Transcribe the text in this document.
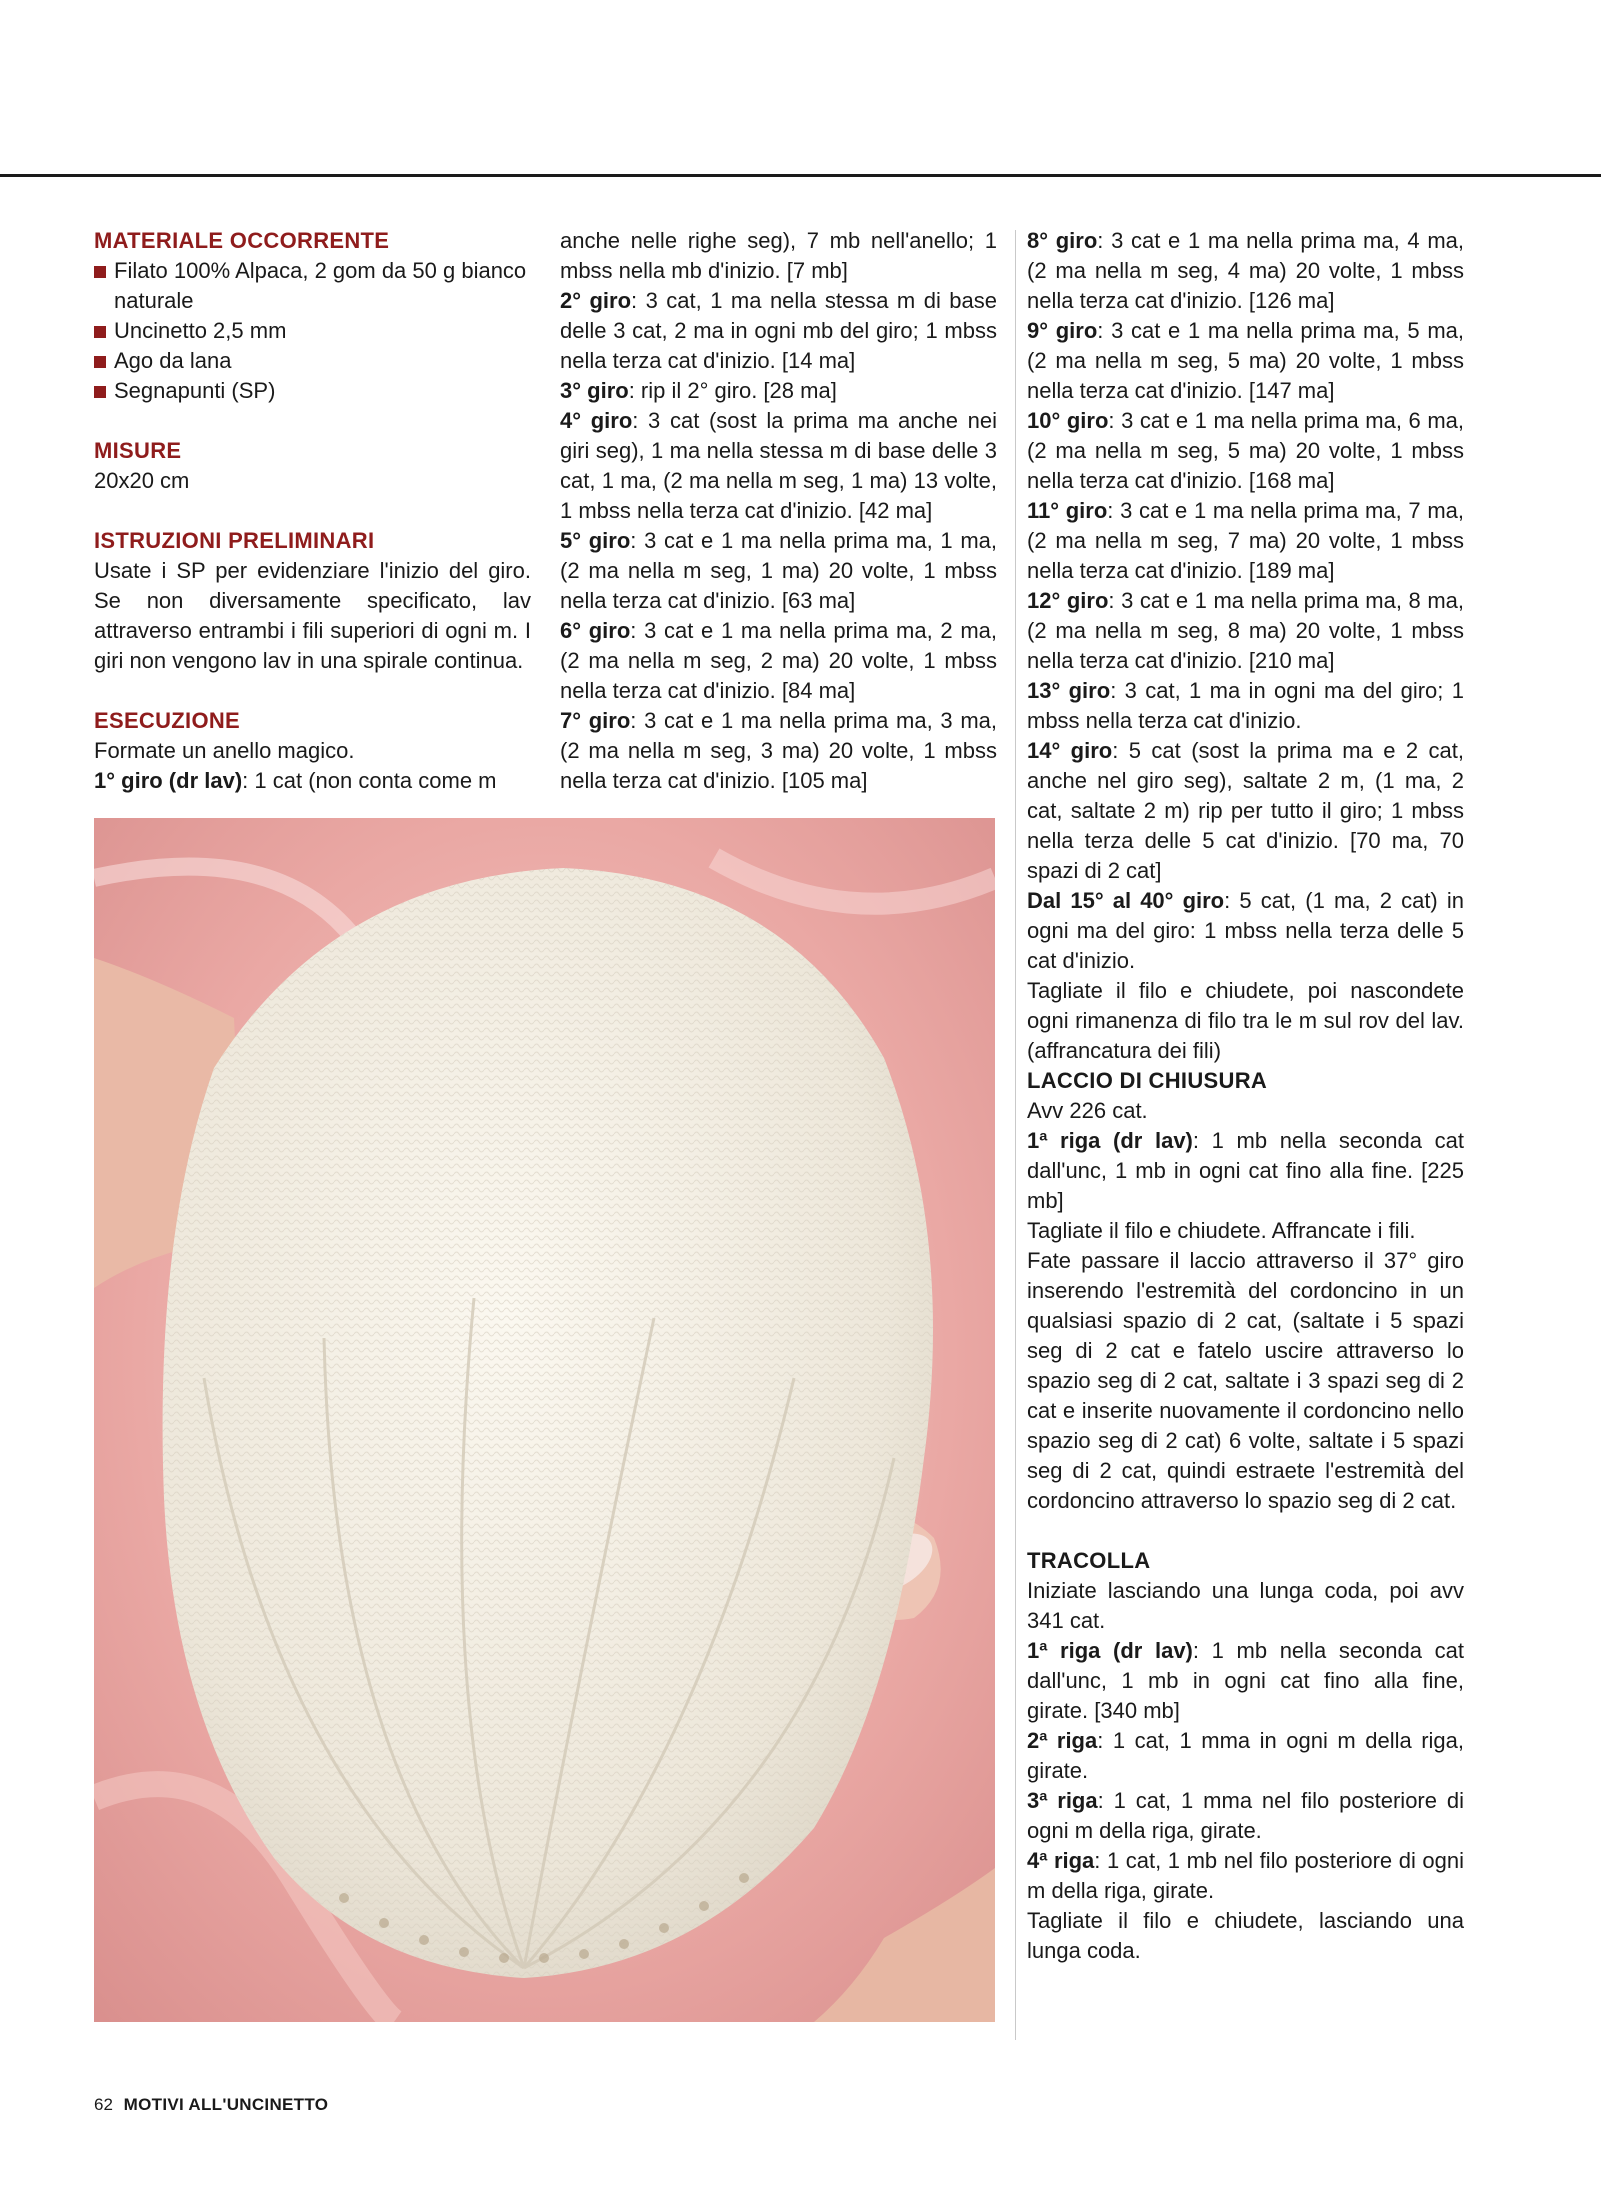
MATERIALE OCCORRENTE
Filato 100% Alpaca, 2 gom da 50 g bianco naturale
Uncinetto 2,5 mm
Ago da lana
Segnapunti (SP)
MISURE
20x20 cm
ISTRUZIONI PRELIMINARI
Usate i SP per evidenziare l'inizio del giro. Se non diversamente specificato, lav attraverso entrambi i fili superiori di ogni m. I giri non vengono lav in una spirale continua.
ESECUZIONE
Formate un anello magico.
1° giro (dr lav): 1 cat (non conta come m
anche nelle righe seg), 7 mb nell'anello; 1 mbss nella mb d'inizio. [7 mb]
2° giro: 3 cat, 1 ma nella stessa m di base delle 3 cat, 2 ma in ogni mb del giro; 1 mbss nella terza cat d'inizio. [14 ma]
3° giro: rip il 2° giro. [28 ma]
4° giro: 3 cat (sost la prima ma anche nei giri seg), 1 ma nella stessa m di base delle 3 cat, 1 ma, (2 ma nella m seg, 1 ma) 13 volte, 1 mbss nella terza cat d'inizio. [42 ma]
5° giro: 3 cat e 1 ma nella prima ma, 1 ma, (2 ma nella m seg, 1 ma) 20 volte, 1 mbss nella terza cat d'inizio. [63 ma]
6° giro: 3 cat e 1 ma nella prima ma, 2 ma, (2 ma nella m seg, 2 ma) 20 volte, 1 mbss nella terza cat d'inizio. [84 ma]
7° giro: 3 cat e 1 ma nella prima ma, 3 ma, (2 ma nella m seg, 3 ma) 20 volte, 1 mbss nella terza cat d'inizio. [105 ma]
8° giro: 3 cat e 1 ma nella prima ma, 4 ma, (2 ma nella m seg, 4 ma) 20 volte, 1 mbss nella terza cat d'inizio. [126 ma]
9° giro: 3 cat e 1 ma nella prima ma, 5 ma, (2 ma nella m seg, 5 ma) 20 volte, 1 mbss nella terza cat d'inizio. [147 ma]
10° giro: 3 cat e 1 ma nella prima ma, 6 ma, (2 ma nella m seg, 5 ma) 20 volte, 1 mbss nella terza cat d'inizio. [168 ma]
11° giro: 3 cat e 1 ma nella prima ma, 7 ma, (2 ma nella m seg, 7 ma) 20 volte, 1 mbss nella terza cat d'inizio. [189 ma]
12° giro: 3 cat e 1 ma nella prima ma, 8 ma, (2 ma nella m seg, 8 ma) 20 volte, 1 mbss nella terza cat d'inizio. [210 ma]
13° giro: 3 cat, 1 ma in ogni ma del giro; 1 mbss nella terza cat d'inizio.
14° giro: 5 cat (sost la prima ma e 2 cat, anche nel giro seg), saltate 2 m, (1 ma, 2 cat, saltate 2 m) rip per tutto il giro; 1 mbss nella terza delle 5 cat d'inizio. [70 ma, 70 spazi di 2 cat]
Dal 15° al 40° giro: 5 cat, (1 ma, 2 cat) in ogni ma del giro: 1 mbss nella terza delle 5 cat d'inizio.
Tagliate il filo e chiudete, poi nascondete ogni rimanenza di filo tra le m sul rov del lav. (affrancatura dei fili)
LACCIO DI CHIUSURA
Avv 226 cat.
1ª riga (dr lav): 1 mb nella seconda cat dall'unc, 1 mb in ogni cat fino alla fine. [225 mb]
Tagliate il filo e chiudete. Affrancate i fili.
Fate passare il laccio attraverso il 37° giro inserendo l'estremità del cordoncino in un qualsiasi spazio di 2 cat, (saltate i 5 spazi seg di 2 cat e fatelo uscire attraverso lo spazio seg di 2 cat, saltate i 3 spazi seg di 2 cat e inserite nuovamente il cordoncino nello spazio seg di 2 cat) 6 volte, saltate i 5 spazi seg di 2 cat, quindi estraete l'estremità del cordoncino attraverso lo spazio seg di 2 cat.
TRACOLLA
Iniziate lasciando una lunga coda, poi avv 341 cat.
1ª riga (dr lav): 1 mb nella seconda cat dall'unc, 1 mb in ogni cat fino alla fine, girate. [340 mb]
2ª riga: 1 cat, 1 mma in ogni m della riga, girate.
3ª riga: 1 cat, 1 mma nel filo posteriore di ogni m della riga, girate.
4ª riga: 1 cat, 1 mb nel filo posteriore di ogni m della riga, girate.
Tagliate il filo e chiudete, lasciando una lunga coda.
62 MOTIVI ALL'UNCINETTO
